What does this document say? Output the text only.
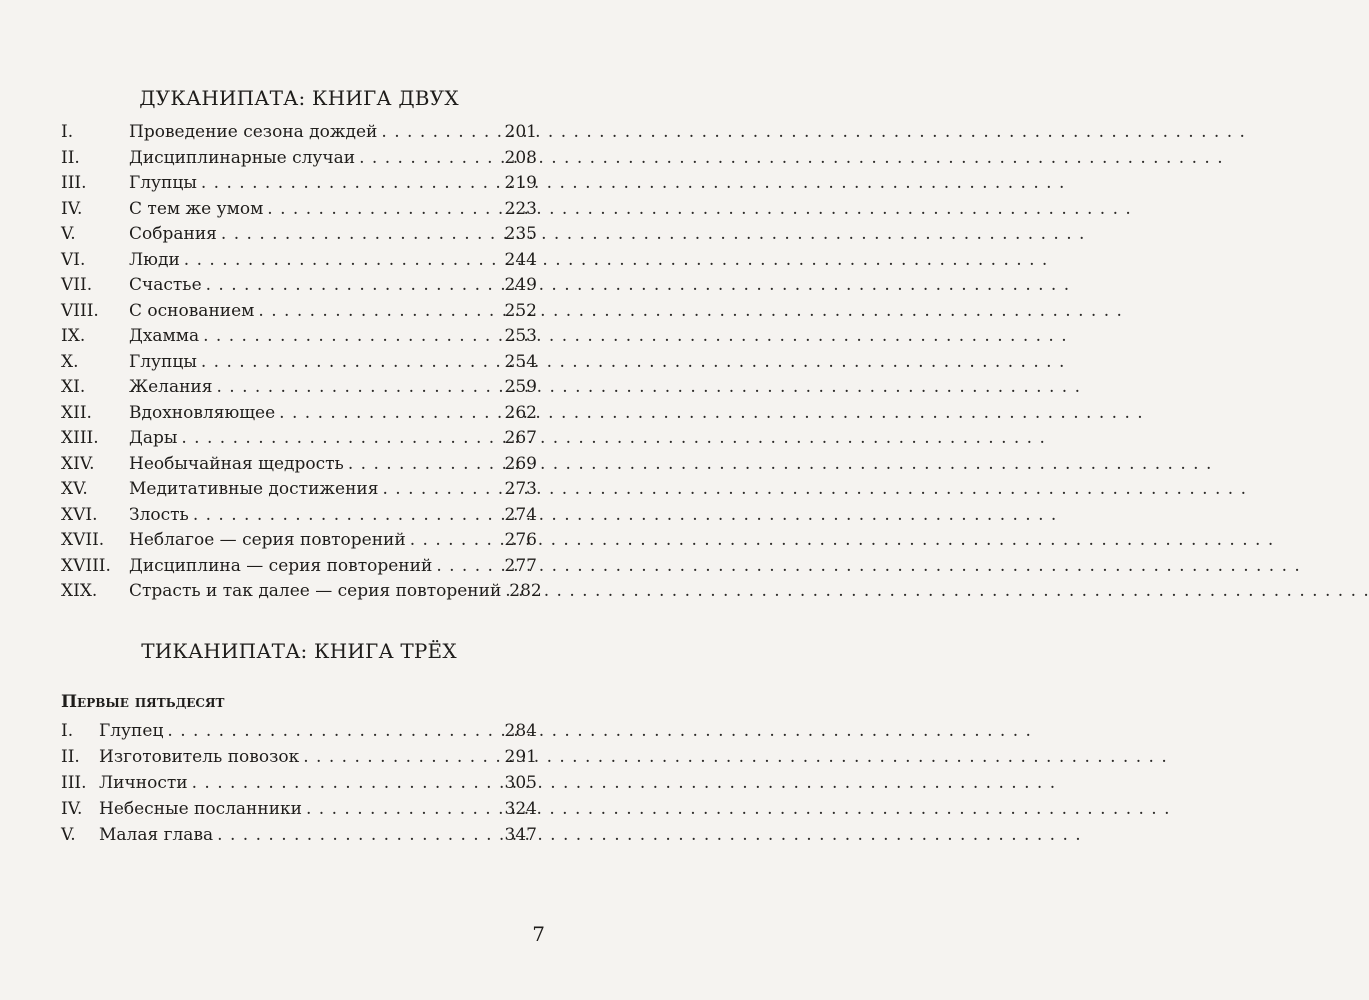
ДУКАНИПАТА: КНИГА ДВУХ
I.	Проведение сезона дождей . . .	201
II.	Дисциплинарные случаи . . .	208
III.	Глупцы . . .	219
IV.	С тем же умом . . .	223
V.	Собрания . . .	235
VI.	Люди . . .	244
VII.	Счастье . . .	249
VIII.	С основанием . . .	252
IX.	Дхамма . . .	253
X.	Глупцы . . .	254
XI.	Желания . . .	259
XII.	Вдохновляющее . . .	262
XIII.	Дары . . .	267
XIV.	Необычайная щедрость . . .	269
XV.	Медитативные достижения . . .	273
XVI.	Злость . . .	274
XVII.	Неблагое — серия повторений . . .	276
XVIII.	Дисциплина — серия повторений . . .	277
XIX.	Страсть и так далее — серия повторений . . . 282
ТИКАНИПАТА: КНИГА ТРЁХ
Первые пятьдесят
I.	Глупец . . .	284
II.	Изготовитель повозок . . .	291
III. Личности . . .	305
IV. Небесные посланники . . .	324
V.	Малая глава . . .	347
7
